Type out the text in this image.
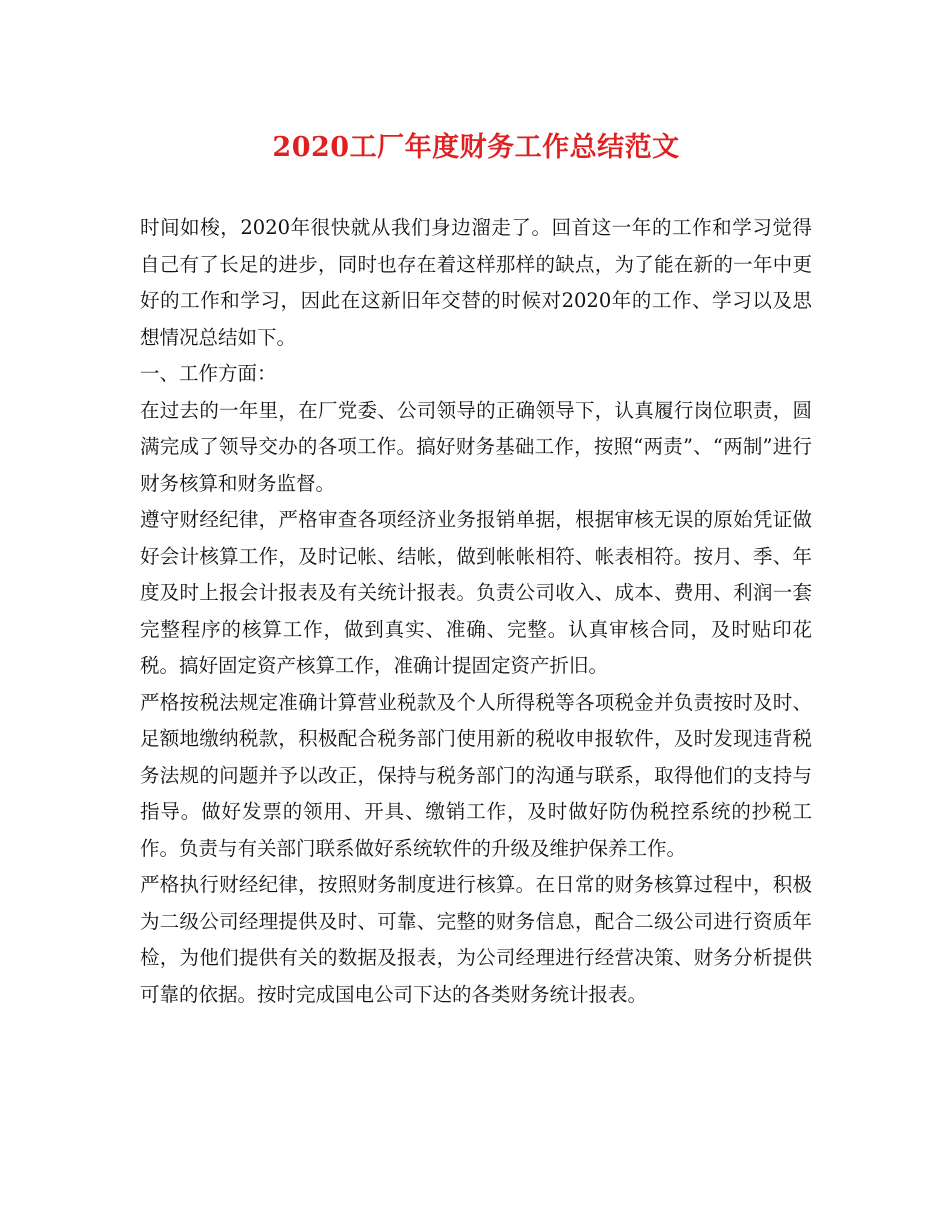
2020工厂年度财务工作总结范文

时间如梭，2020年很快就从我们身边溜走了。回首这一年的工作和学习觉得自己有了长足的进步，同时也存在着这样那样的缺点，为了能在新的一年中更好的工作和学习，因此在这新旧年交替的时候对2020年的工作、学习以及思想情况总结如下。

一、工作方面：

在过去的一年里，在厂党委、公司领导的正确领导下，认真履行岗位职责，圆满完成了领导交办的各项工作。搞好财务基础工作，按照“两责”、“两制”进行财务核算和财务监督。

遵守财经纪律，严格审查各项经济业务报销单据，根据审核无误的原始凭证做好会计核算工作，及时记帐、结帐，做到帐帐相符、帐表相符。按月、季、年度及时上报会计报表及有关统计报表。负责公司收入、成本、费用、利润一套完整程序的核算工作，做到真实、准确、完整。认真审核合同，及时贴印花税。搞好固定资产核算工作，准确计提固定资产折旧。

严格按税法规定准确计算营业税款及个人所得税等各项税金并负责按时及时、足额地缴纳税款，积极配合税务部门使用新的税收申报软件，及时发现违背税务法规的问题并予以改正，保持与税务部门的沟通与联系，取得他们的支持与指导。做好发票的领用、开具、缴销工作，及时做好防伪税控系统的抄税工作。负责与有关部门联系做好系统软件的升级及维护保养工作。

严格执行财经纪律，按照财务制度进行核算。在日常的财务核算过程中，积极为二级公司经理提供及时、可靠、完整的财务信息，配合二级公司进行资质年检，为他们提供有关的数据及报表，为公司经理进行经营决策、财务分析提供可靠的依据。按时完成国电公司下达的各类财务统计报表。
